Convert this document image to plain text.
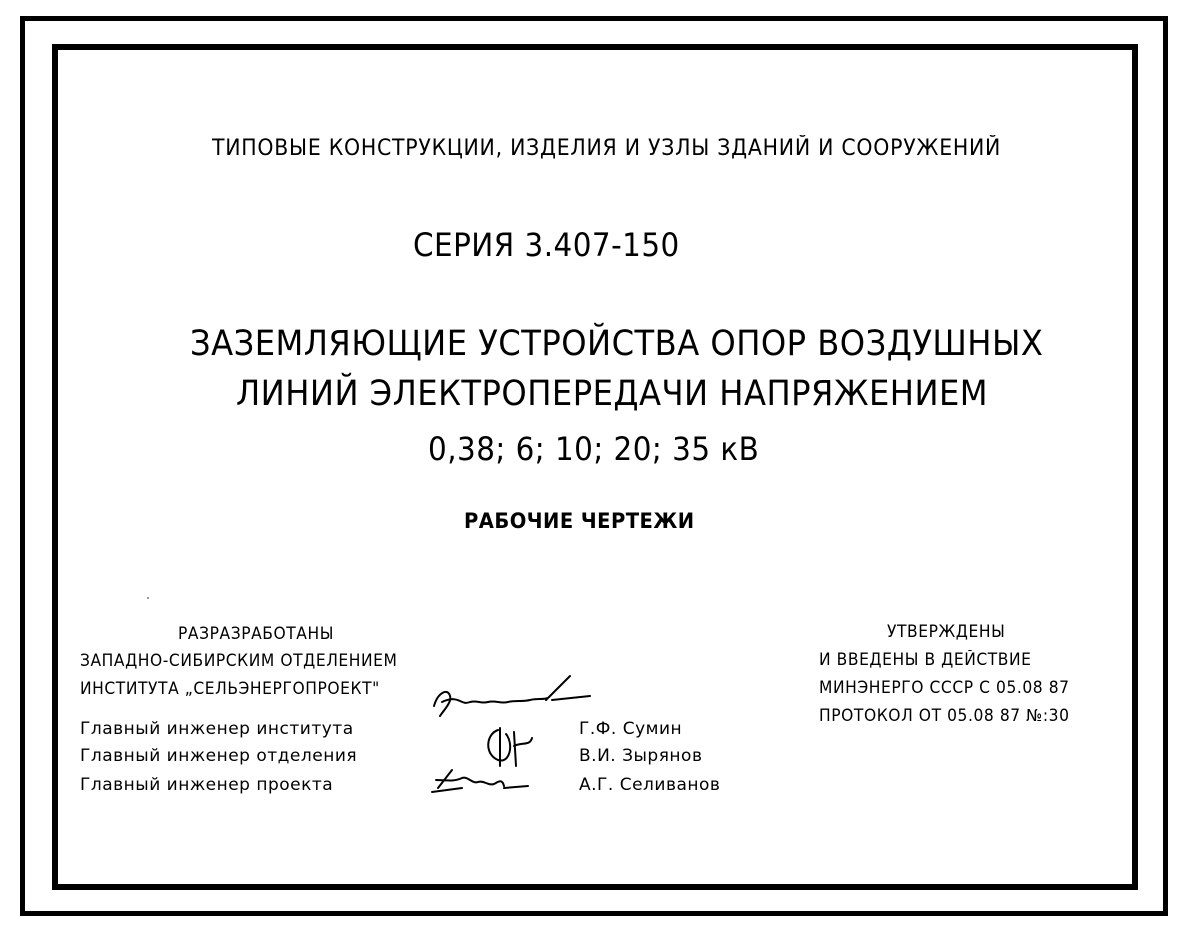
ТИПОВЫЕ КОНСТРУКЦИИ, ИЗДЕЛИЯ И УЗЛЫ ЗДАНИЙ И СООРУЖЕНИЙ
СЕРИЯ 3.407-150
ЗАЗЕМЛЯЮЩИЕ УСТРОЙСТВА ОПОР ВОЗДУШНЫХ
ЛИНИЙ ЭЛЕКТРОПЕРЕДАЧИ НАПРЯЖЕНИЕМ
0,38; 6; 10; 20; 35 кВ
РАБОЧИЕ ЧЕРТЕЖИ
РАЗРАЗРАБОТАНЫ
ЗАПАДНО-СИБИРСКИМ ОТДЕЛЕНИЕМ
ИНСТИТУТА „СЕЛЬЭНЕРГОПРОЕКТ"
Главный инженер института
Главный инженер отделения
Главный инженер проекта
Г.Ф. Сумин
В.И. Зырянов
А.Г. Селиванов
УТВЕРЖДЕНЫ
И ВВЕДЕНЫ В ДЕЙСТВИЕ
МИНЭНЕРГО СССР С 05.08 87
ПРОТОКОЛ ОТ 05.08 87 №:30
